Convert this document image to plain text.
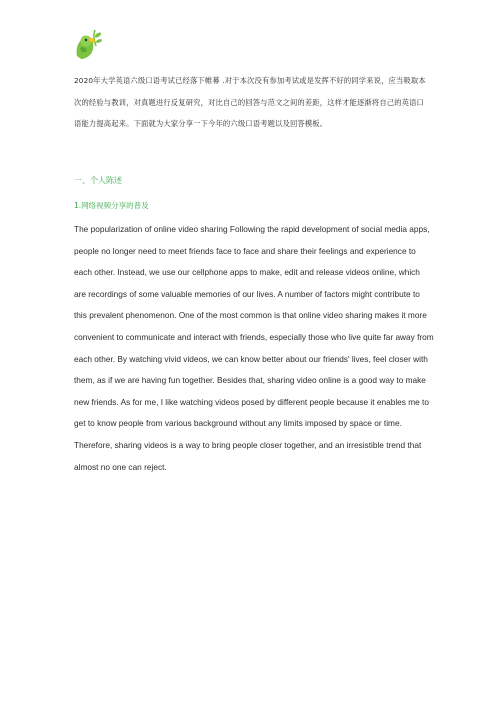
2020年大学英语六级口语考试已经落下帷幕 .对于本次没有参加考试或是发挥不好的同学来说，应当吸取本次的经验与教训，对真题进行反复研究，对比自己的回答与范文之间的差距，这样才能逐渐将自己的英语口语能力提高起来。下面就为大家分享一下今年的六级口语考题以及回答模板。

一、个人陈述
1.网络视频分享的普及

The popularization of online video sharing Following the rapid development of social media apps, people no longer need to meet friends face to face and share their feelings and experience to each other. Instead, we use our cellphone apps to make, edit and release videos online, which are recordings of some valuable memories of our lives. A number of factors might contribute to this prevalent phenomenon. One of the most common is that online video sharing makes it more convenient to communicate and interact with friends, especially those who live quite far away from each other. By watching vivid videos, we can know better about our friends' lives, feel closer with them, as if we are having fun together. Besides that, sharing video online is a good way to make new friends. As for me, I like watching videos posed by different people because it enables me to get to know people from various background without any limits imposed by space or time. Therefore, sharing videos is a way to bring people closer together, and an irresistible trend that almost no one can reject.
